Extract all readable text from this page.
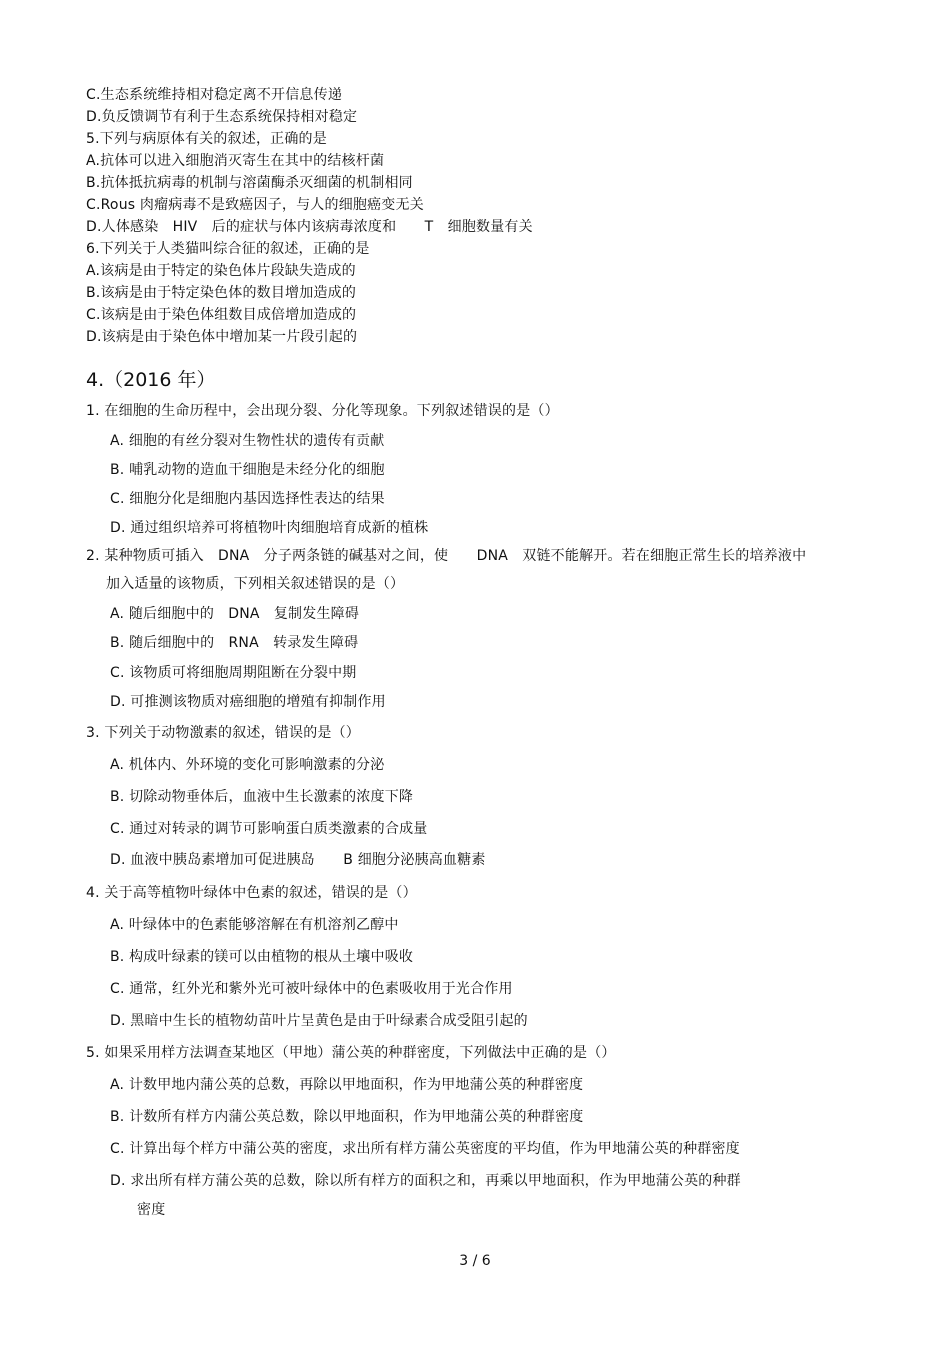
C.生态系统维持相对稳定离不开信息传递
D.负反馈调节有利于生态系统保持相对稳定
5.下列与病原体有关的叙述，正确的是
A.抗体可以进入细胞消灭寄生在其中的结核杆菌
B.抗体抵抗病毒的机制与溶菌酶杀灭细菌的机制相同
C.Rous 肉瘤病毒不是致癌因子，与人的细胞癌变无关
D.人体感染　HIV　后的症状与体内该病毒浓度和　　T　细胞数量有关
6.下列关于人类猫叫综合征的叙述，正确的是
A.该病是由于特定的染色体片段缺失造成的
B.该病是由于特定染色体的数目增加造成的
C.该病是由于染色体组数目成倍增加造成的
D.该病是由于染色体中增加某一片段引起的
4.（2016 年）
1. 在细胞的生命历程中，会出现分裂、分化等现象。下列叙述错误的是（）
A. 细胞的有丝分裂对生物性状的遗传有贡献
B. 哺乳动物的造血干细胞是未经分化的细胞
C. 细胞分化是细胞内基因选择性表达的结果
D. 通过组织培养可将植物叶肉细胞培育成新的植株
2. 某种物质可插入　DNA　分子两条链的碱基对之间，使　　DNA　双链不能解开。若在细胞正常生长的培养液中
加入适量的该物质，下列相关叙述错误的是（）
A. 随后细胞中的　DNA　复制发生障碍
B. 随后细胞中的　RNA　转录发生障碍
C. 该物质可将细胞周期阻断在分裂中期
D. 可推测该物质对癌细胞的增殖有抑制作用
3. 下列关于动物激素的叙述，错误的是（）
A. 机体内、外环境的变化可影响激素的分泌
B. 切除动物垂体后，血液中生长激素的浓度下降
C. 通过对转录的调节可影响蛋白质类激素的合成量
D. 血液中胰岛素增加可促进胰岛　　B 细胞分泌胰高血糖素
4. 关于高等植物叶绿体中色素的叙述，错误的是（）
A. 叶绿体中的色素能够溶解在有机溶剂乙醇中
B. 构成叶绿素的镁可以由植物的根从土壤中吸收
C. 通常，红外光和紫外光可被叶绿体中的色素吸收用于光合作用
D. 黑暗中生长的植物幼苗叶片呈黄色是由于叶绿素合成受阻引起的
5. 如果采用样方法调查某地区（甲地）蒲公英的种群密度，下列做法中正确的是（）
A. 计数甲地内蒲公英的总数，再除以甲地面积，作为甲地蒲公英的种群密度
B. 计数所有样方内蒲公英总数，除以甲地面积，作为甲地蒲公英的种群密度
C. 计算出每个样方中蒲公英的密度，求出所有样方蒲公英密度的平均值，作为甲地蒲公英的种群密度
D. 求出所有样方蒲公英的总数，除以所有样方的面积之和，再乘以甲地面积，作为甲地蒲公英的种群
密度
3 / 6
